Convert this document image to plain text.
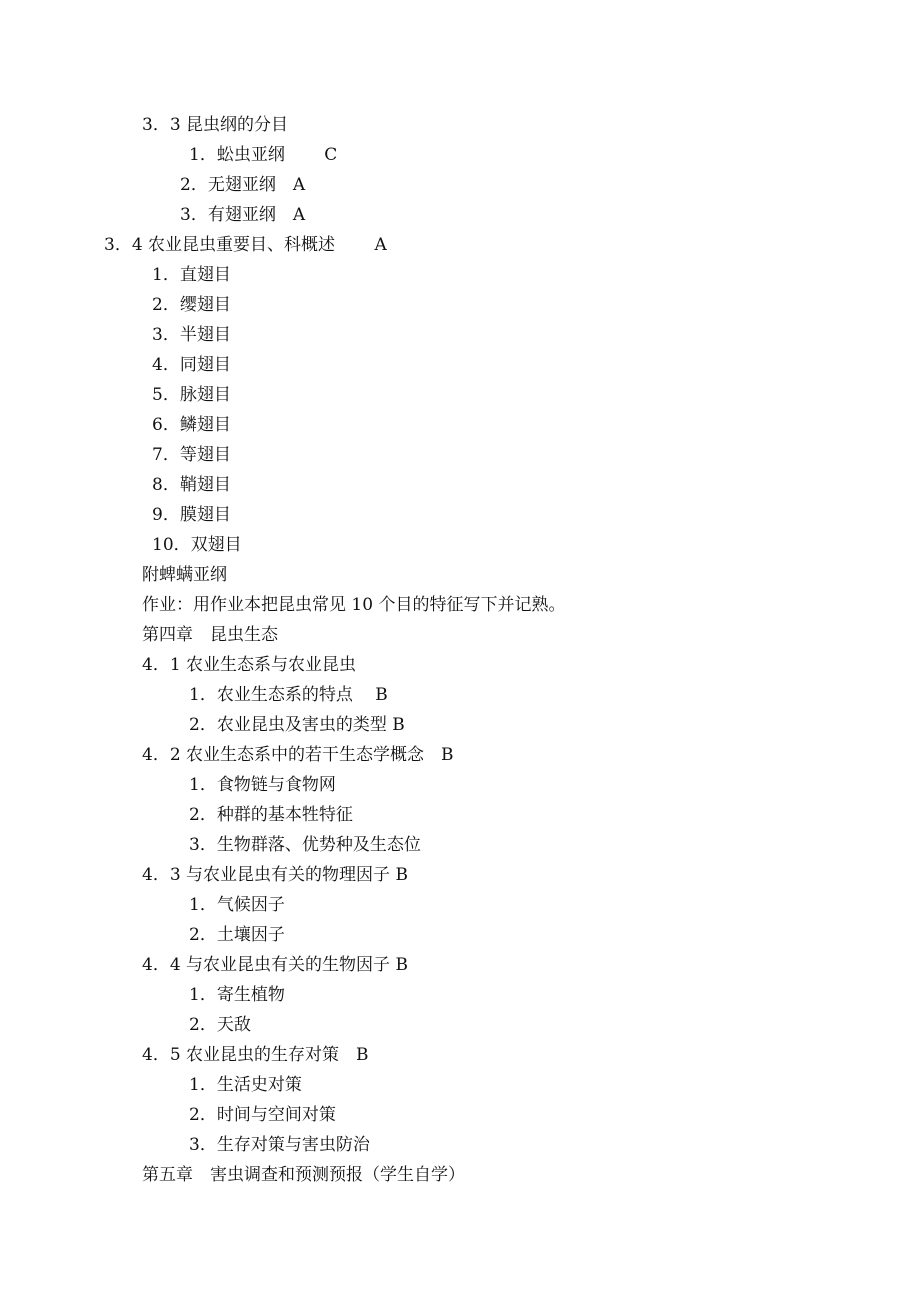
3．3 昆虫纲的分目
1．蚣虫亚纲　　 C
2．无翅亚纲　A
3．有翅亚纲　A
3．4 农业昆虫重要目、科概述　　 A
1．直翅目
2．缨翅目
3．半翅目
4．同翅目
5．脉翅目
6．鳞翅目
7．等翅目
8．鞘翅目
9．膜翅目
10．双翅目
附蜱螨亚纲
作业：用作业本把昆虫常见 10 个目的特征写下并记熟。
第四章　昆虫生态
4．1 农业生态系与农业昆虫
1．农业生态系的特点　 B
2．农业昆虫及害虫的类型 B
4．2 农业生态系中的若干生态学概念　B
1．食物链与食物网
2．种群的基本牲特征
3．生物群落、优势种及生态位
4．3 与农业昆虫有关的物理因子 B
1．气候因子
2．土壤因子
4．4 与农业昆虫有关的生物因子 B
1．寄生植物
2．天敌
4．5 农业昆虫的生存对策　B
1．生活史对策
2．时间与空间对策
3．生存对策与害虫防治
第五章　害虫调查和预测预报（学生自学）
